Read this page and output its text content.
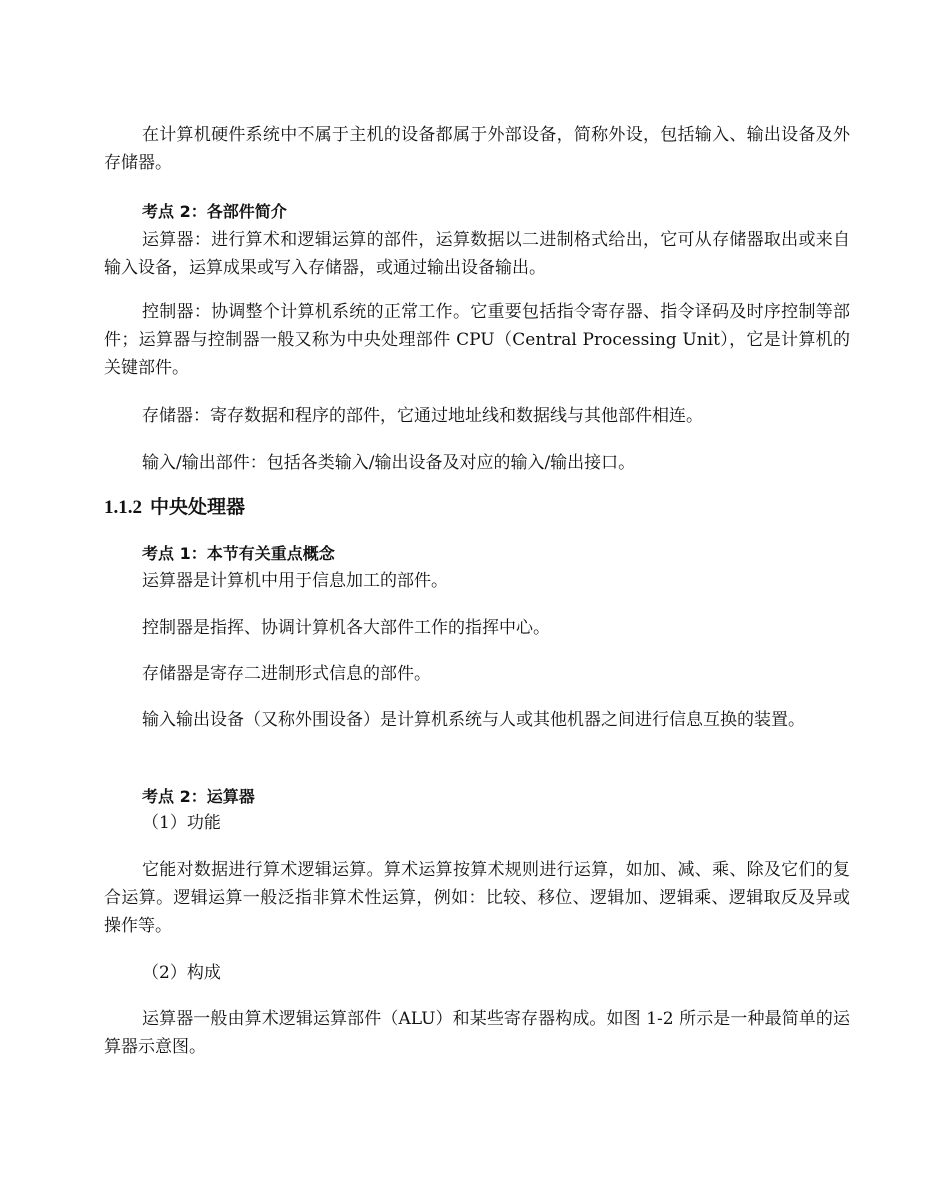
在计算机硬件系统中不属于主机的设备都属于外部设备，简称外设，包括输入、输出设备及外存储器。

考点 2：各部件简介

运算器：进行算术和逻辑运算的部件，运算数据以二进制格式给出，它可从存储器取出或来自输入设备，运算成果或写入存储器，或通过输出设备输出。

控制器：协调整个计算机系统的正常工作。它重要包括指令寄存器、指令译码及时序控制等部件；运算器与控制器一般又称为中央处理部件 CPU（Central Processing Unit），它是计算机的关键部件。

存储器：寄存数据和程序的部件，它通过地址线和数据线与其他部件相连。

输入/输出部件：包括各类输入/输出设备及对应的输入/输出接口。

1.1.2 中央处理器

考点 1：本节有关重点概念

运算器是计算机中用于信息加工的部件。

控制器是指挥、协调计算机各大部件工作的指挥中心。

存储器是寄存二进制形式信息的部件。

输入输出设备（又称外围设备）是计算机系统与人或其他机器之间进行信息互换的装置。

考点 2：运算器

（1）功能

它能对数据进行算术逻辑运算。算术运算按算术规则进行运算，如加、减、乘、除及它们的复合运算。逻辑运算一般泛指非算术性运算，例如：比较、移位、逻辑加、逻辑乘、逻辑取反及异或操作等。

（2）构成

运算器一般由算术逻辑运算部件（ALU）和某些寄存器构成。如图 1-2 所示是一种最简单的运算器示意图。
